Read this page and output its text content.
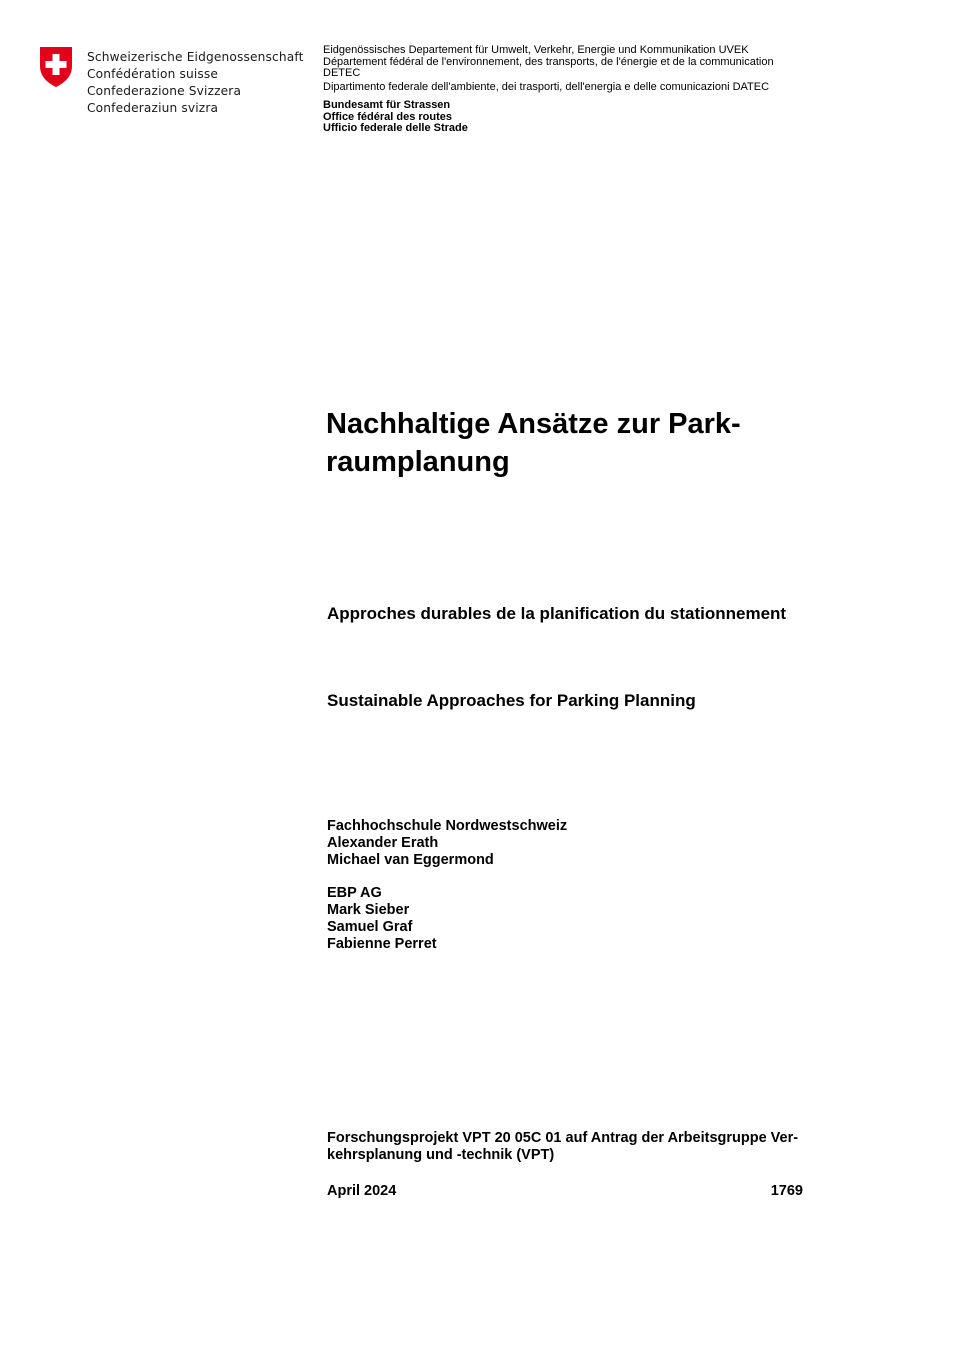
Schweizerische Eidgenossenschaft
Confédération suisse
Confederazione Svizzera
Confederaziun svizra
Eidgenössisches Departement für Umwelt, Verkehr, Energie und Kommunikation UVEK
Département fédéral de l'environnement, des transports, de l'énergie et de la communication
DETEC
Dipartimento federale dell'ambiente, dei trasporti, dell'energia e delle comunicazioni DATEC
Bundesamt für Strassen
Office fédéral des routes
Ufficio federale delle Strade
Nachhaltige Ansätze zur Park-
raumplanung
Approches durables de la planification du stationnement
Sustainable Approaches for Parking Planning
Fachhochschule Nordwestschweiz
Alexander Erath
Michael van Eggermond
EBP AG
Mark Sieber
Samuel Graf
Fabienne Perret
Forschungsprojekt VPT 20 05C 01 auf Antrag der Arbeitsgruppe Ver-
kehrsplanung und -technik (VPT)
April 2024	1769
